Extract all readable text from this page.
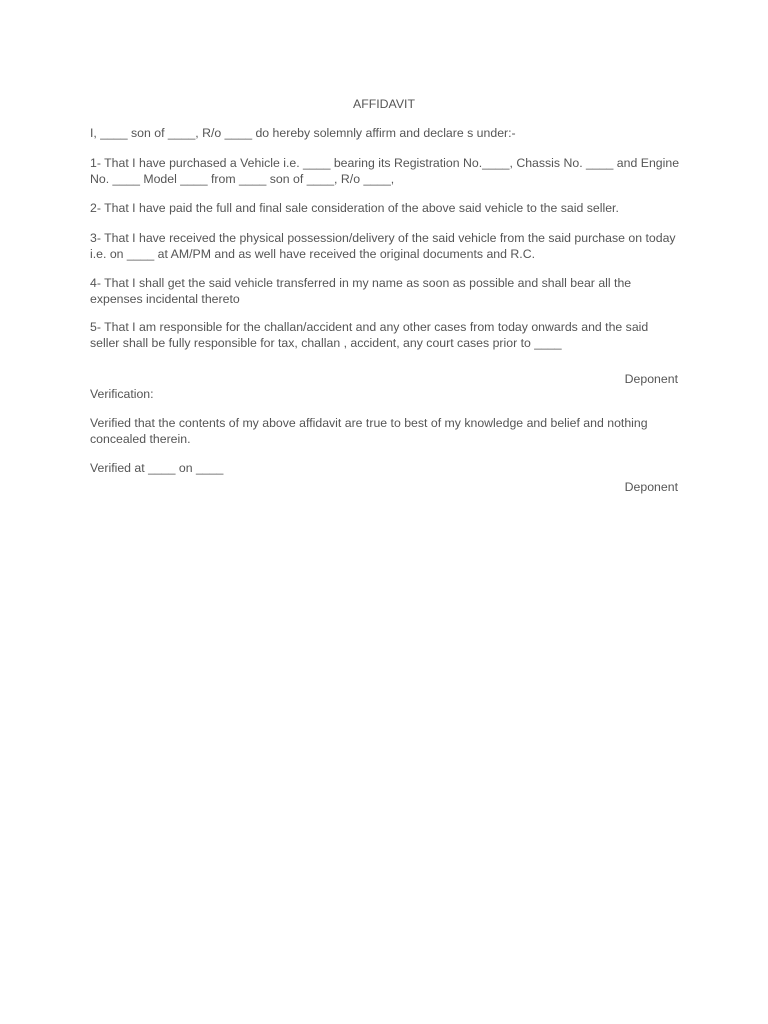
AFFIDAVIT

I, ____ son of ____, R/o ____ do hereby solemnly affirm and declare s under:-

1- That I have purchased a Vehicle i.e. ____ bearing its Registration No.____, Chassis No. ____ and Engine No. ____ Model ____ from ____ son of ____, R/o ____,

2- That I have paid the full and final sale consideration of the above said vehicle to the said seller.

3- That I have received the physical possession/delivery of the said vehicle from the said purchase on today i.e. on ____ at AM/PM and as well have received the original documents and R.C.

4- That I shall get the said vehicle transferred in my name as soon as possible and shall bear all the expenses incidental thereto

5- That I am responsible for the challan/accident and any other cases from today onwards and the said seller shall be fully responsible for tax, challan , accident, any court cases prior to ____

Deponent

Verification:

Verified that the contents of my above affidavit are true to best of my knowledge and belief and nothing concealed therein.

Verified at ____ on ____

Deponent
